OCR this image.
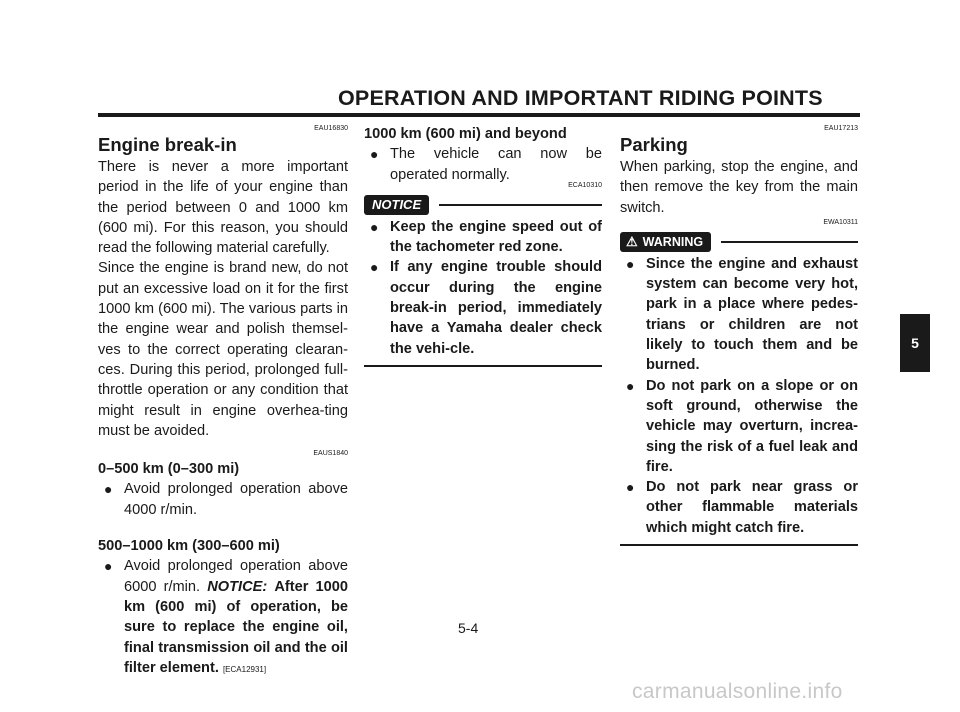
OPERATION AND IMPORTANT RIDING POINTS
EAU16830
Engine break-in

There is never a more important period in the life of your engine than the period between 0 and 1000 km (600 mi). For this reason, you should read the following material carefully.

Since the engine is brand new, do not put an excessive load on it for the first 1000 km (600 mi). The various parts in the engine wear and polish themsel-ves to the correct operating clearan-ces. During this period, prolonged full-throttle operation or any condition that might result in engine overhea-ting must be avoided.

EAUS1840

0–500 km (0–300 mi)

● Avoid prolonged operation above 4000 r/min.

500–1000 km (300–600 mi)

● Avoid prolonged operation above 6000 r/min. NOTICE: After 1000 km (600 mi) of operation, be sure to replace the engine oil, final transmission oil and the oil filter element. [ECA12931]

1000 km (600 mi) and beyond

● The vehicle can now be operated normally.
ECA10310
NOTICE
● Keep the engine speed out of the tachometer red zone.
● If any engine trouble should occur during the engine break-in period, immediately have a Yamaha dealer check the vehi-cle.
EAU17213
Parking

When parking, stop the engine, and then remove the key from the main switch.

EWA10311
⚠ WARNING
● Since the engine and exhaust system can become very hot, park in a place where pedes-trians or children are not likely to touch them and be burned.
● Do not park on a slope or on soft ground, otherwise the vehicle may overturn, increa-sing the risk of a fuel leak and fire.
● Do not park near grass or other flammable materials which might catch fire.
5
5-4
carmanualsonline.info
